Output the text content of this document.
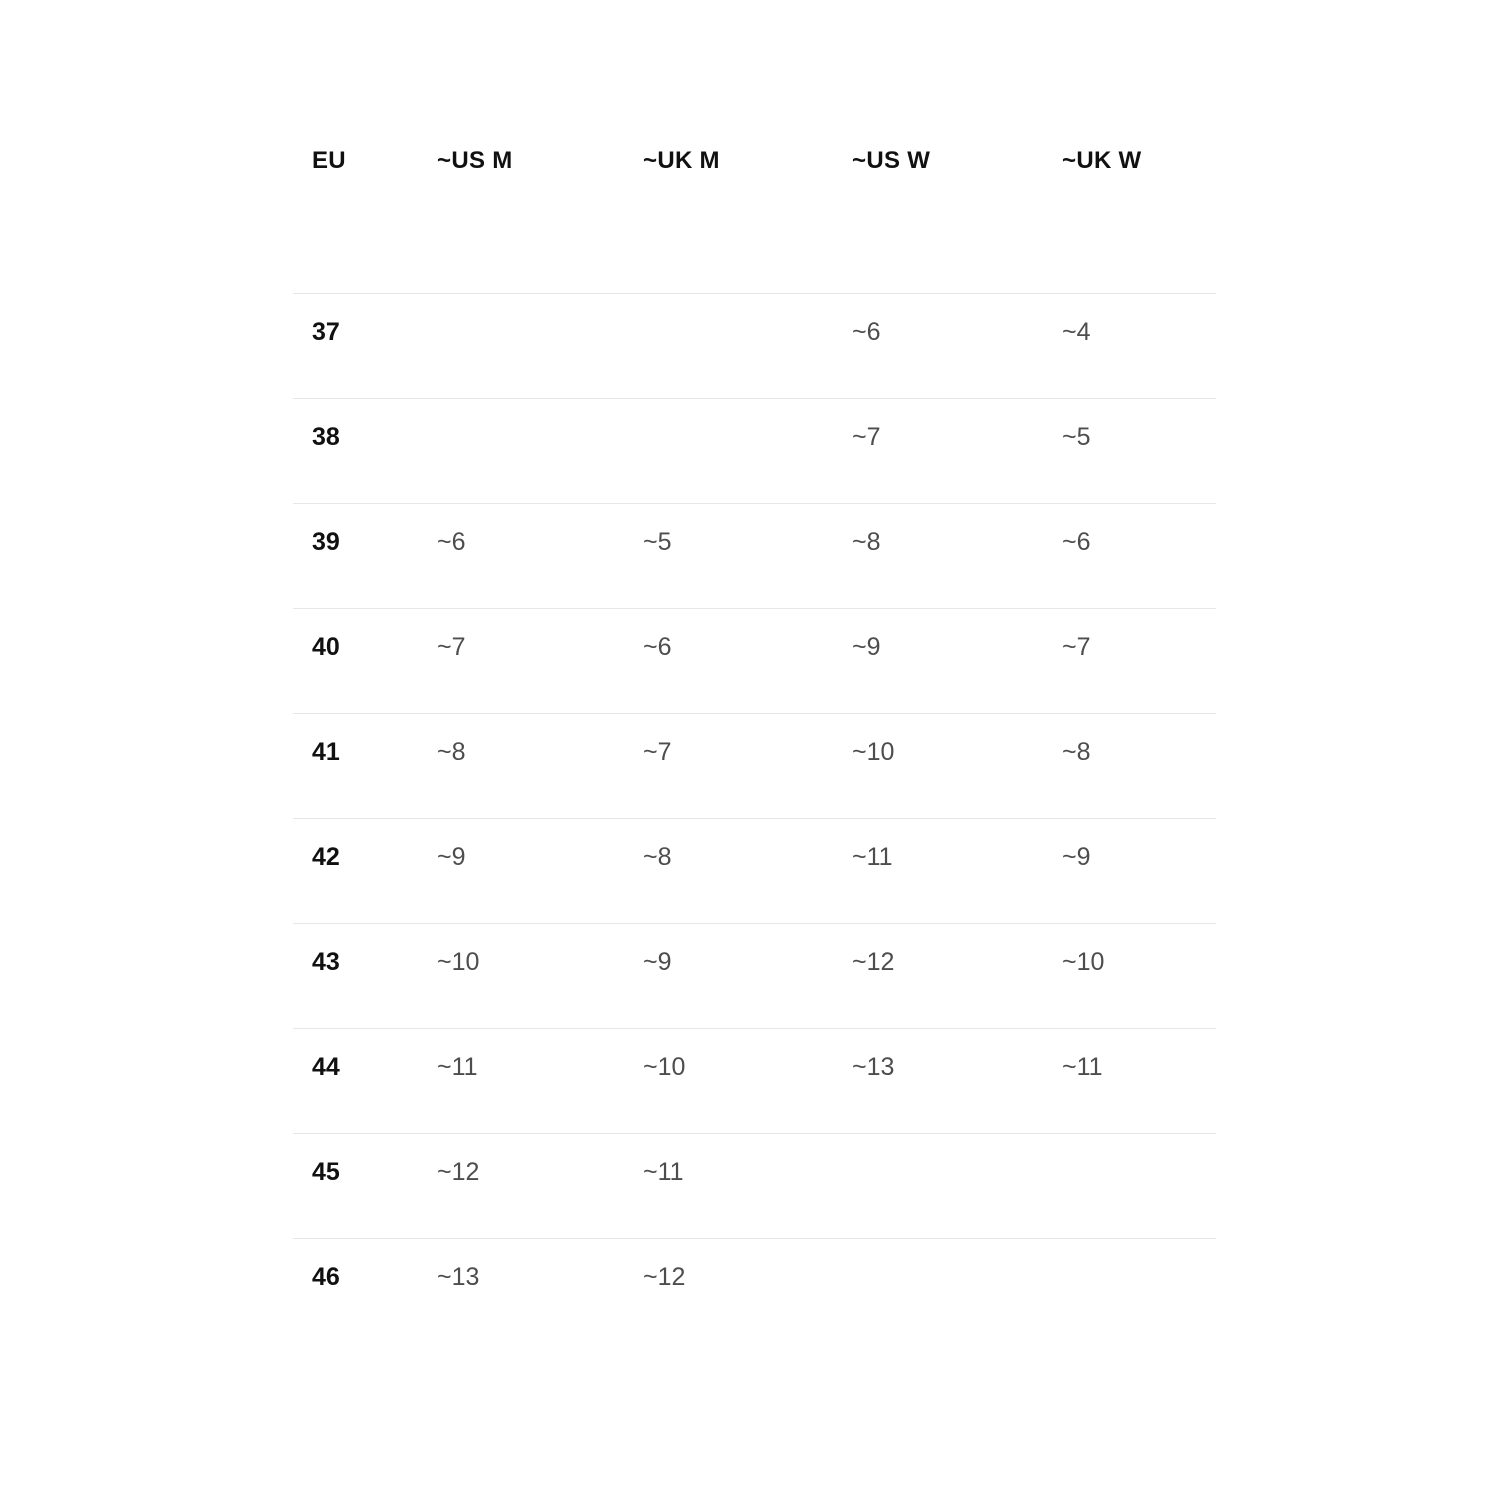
EU	~US M	~UK M	~US W	~UK W
37			~6	~4
38			~7	~5
39	~6	~5	~8	~6
40	~7	~6	~9	~7
41	~8	~7	~10	~8
42	~9	~8	~11	~9
43	~10	~9	~12	~10
44	~11	~10	~13	~11
45	~12	~11		
46	~13	~12		
